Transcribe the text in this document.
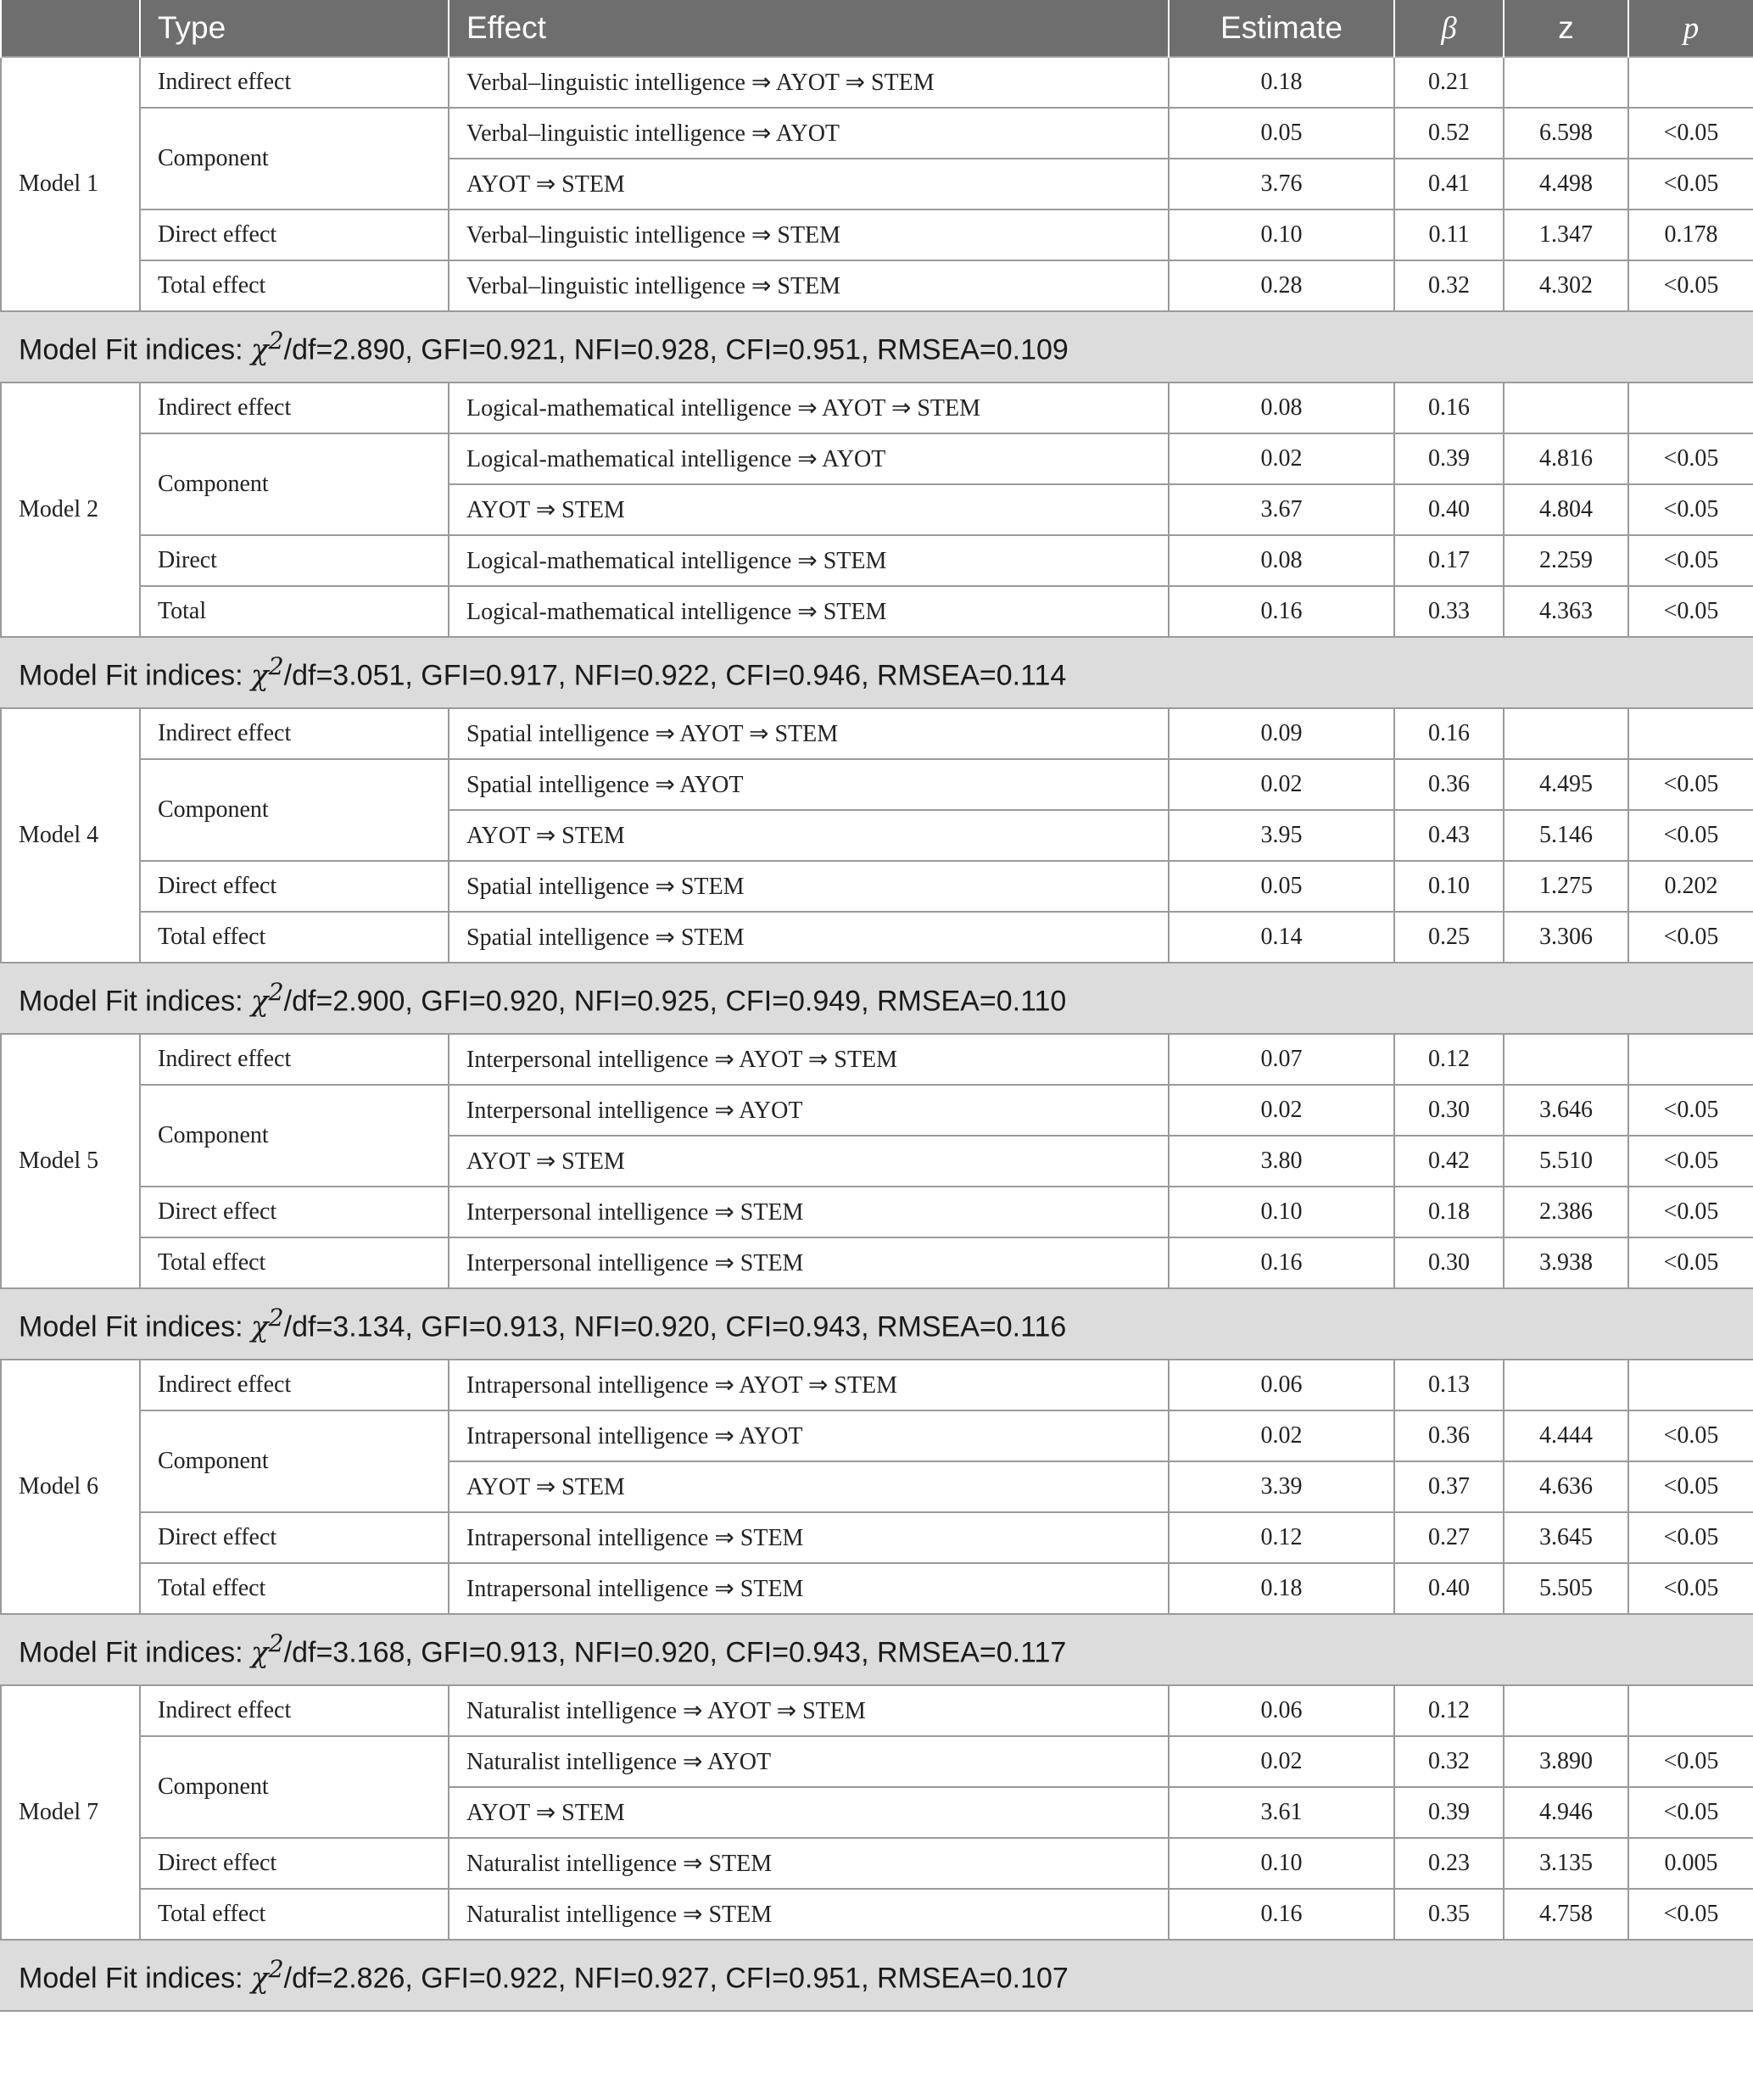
	Type	Effect	Estimate	β	z	p
Model 1	Indirect effect	Verbal–linguistic intelligence ⇒ AYOT ⇒ STEM	0.18	0.21		
	Component	Verbal–linguistic intelligence ⇒ AYOT	0.05	0.52	6.598	<0.05
		AYOT ⇒ STEM	3.76	0.41	4.498	<0.05
	Direct effect	Verbal–linguistic intelligence ⇒ STEM	0.10	0.11	1.347	0.178
	Total effect	Verbal–linguistic intelligence ⇒ STEM	0.28	0.32	4.302	<0.05
Model Fit indices: $\chi^2/df=2.890$, GFI=0.921, NFI=0.928, CFI=0.951, RMSEA=0.109						
Model 2	Indirect effect	Logical-mathematical intelligence ⇒ AYOT ⇒ STEM	0.08	0.16		
	Component	Logical-mathematical intelligence ⇒ AYOT	0.02	0.39	4.816	<0.05
		AYOT ⇒ STEM	3.67	0.40	4.804	<0.05
	Direct	Logical-mathematical intelligence ⇒ STEM	0.08	0.17	2.259	<0.05
	Total	Logical-mathematical intelligence ⇒ STEM	0.16	0.33	4.363	<0.05
Model Fit indices: $\chi^2/df=3.051$, GFI=0.917, NFI=0.922, CFI=0.946, RMSEA=0.114						
Model 4	Indirect effect	Spatial intelligence ⇒ AYOT ⇒ STEM	0.09	0.16		
	Component	Spatial intelligence ⇒ AYOT	0.02	0.36	4.495	<0.05
		AYOT ⇒ STEM	3.95	0.43	5.146	<0.05
	Direct effect	Spatial intelligence ⇒ STEM	0.05	0.10	1.275	0.202
	Total effect	Spatial intelligence ⇒ STEM	0.14	0.25	3.306	<0.05
Model Fit indices: $\chi^2/df=2.900$, GFI=0.920, NFI=0.925, CFI=0.949, RMSEA=0.110						
Model 5	Indirect effect	Interpersonal intelligence ⇒ AYOT ⇒ STEM	0.07	0.12		
	Component	Interpersonal intelligence ⇒ AYOT	0.02	0.30	3.646	<0.05
		AYOT ⇒ STEM	3.80	0.42	5.510	<0.05
	Direct effect	Interpersonal intelligence ⇒ STEM	0.10	0.18	2.386	<0.05
	Total effect	Interpersonal intelligence ⇒ STEM	0.16	0.30	3.938	<0.05
Model Fit indices: $\chi^2/df=3.134$, GFI=0.913, NFI=0.920, CFI=0.943, RMSEA=0.116						
Model 6	Indirect effect	Intrapersonal intelligence ⇒ AYOT ⇒ STEM	0.06	0.13		
	Component	Intrapersonal intelligence ⇒ AYOT	0.02	0.36	4.444	<0.05
		AYOT ⇒ STEM	3.39	0.37	4.636	<0.05
	Direct effect	Intrapersonal intelligence ⇒ STEM	0.12	0.27	3.645	<0.05
	Total effect	Intrapersonal intelligence ⇒ STEM	0.18	0.40	5.505	<0.05
Model Fit indices: $\chi^2/df=3.168$, GFI=0.913, NFI=0.920, CFI=0.943, RMSEA=0.117						
Model 7	Indirect effect	Naturalist intelligence ⇒ AYOT ⇒ STEM	0.06	0.12		
	Component	Naturalist intelligence ⇒ AYOT	0.02	0.32	3.890	<0.05
		AYOT ⇒ STEM	3.61	0.39	4.946	<0.05
	Direct effect	Naturalist intelligence ⇒ STEM	0.10	0.23	3.135	0.005
	Total effect	Naturalist intelligence ⇒ STEM	0.16	0.35	4.758	<0.05
Model Fit indices: $\chi^2/df=2.826$, GFI=0.922, NFI=0.927, CFI=0.951, RMSEA=0.107						
